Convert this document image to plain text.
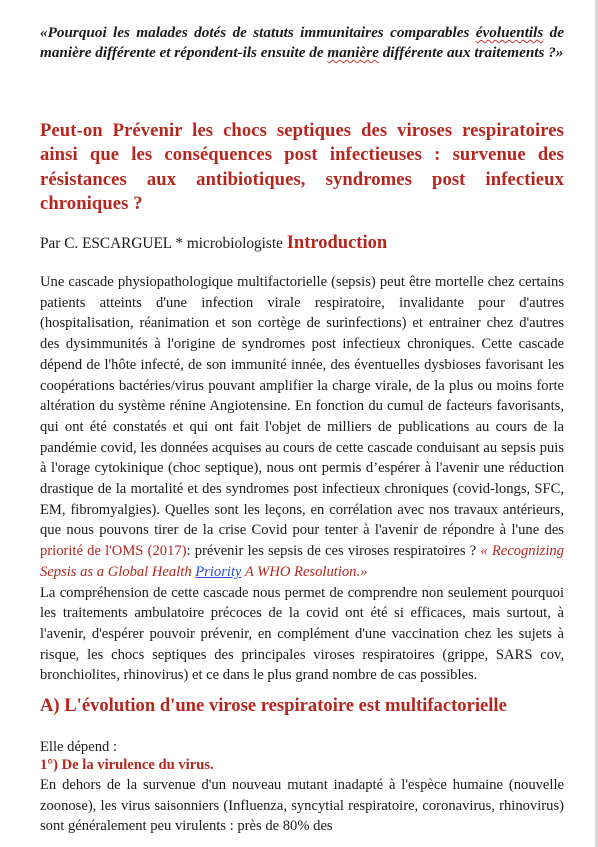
«Pourquoi les malades dotés de statuts immunitaires comparables évoluentils de manière différente et répondent-ils ensuite de manière différente aux traitements ?»
Peut-on Prévenir les chocs septiques des viroses respiratoires ainsi que les conséquences post infectieuses : survenue des résistances aux antibiotiques, syndromes post infectieux chroniques ?
Par C. ESCARGUEL * microbiologiste Introduction
Une cascade physiopathologique multifactorielle (sepsis) peut être mortelle chez certains patients atteints d'une infection virale respiratoire, invalidante pour d'autres (hospitalisation, réanimation et son cortège de surinfections) et entrainer chez d'autres des dysimmunités à l'origine de syndromes post infectieux chroniques. Cette cascade dépend de l'hôte infecté, de son immunité innée, des éventuelles dysbioses favorisant les coopérations bactéries/virus pouvant amplifier la charge virale, de la plus ou moins forte altération du système rénine Angiotensine. En fonction du cumul de facteurs favorisants, qui ont été constatés et qui ont fait l'objet de milliers de publications au cours de la pandémie covid, les données acquises au cours de cette cascade conduisant au sepsis puis à l'orage cytokinique (choc septique), nous ont permis d’espérer à l'avenir une réduction drastique de la mortalité et des syndromes post infectieux chroniques (covid-longs, SFC, EM, fibromyalgies). Quelles sont les leçons, en corrélation avec nos travaux antérieurs, que nous pouvons tirer de la crise Covid pour tenter à l'avenir de répondre à l'une des priorité de l'OMS (2017): prévenir les sepsis de ces viroses respiratoires ? « Recognizing Sepsis as a Global Health Priority A WHO Resolution.»
La compréhension de cette cascade nous permet de comprendre non seulement pourquoi les traitements ambulatoire précoces de la covid ont été si efficaces, mais surtout, à l'avenir, d'espérer pouvoir prévenir, en complément d'une vaccination chez les sujets à risque, les chocs septiques des principales viroses respiratoires (grippe, SARS cov, bronchiolites, rhinovirus) et ce dans le plus grand nombre de cas possibles.
A) L'évolution d'une virose respiratoire est multifactorielle
Elle dépend :
1°) De la virulence du virus.
En dehors de la survenue d'un nouveau mutant inadapté à l'espèce humaine (nouvelle zoonose), les virus saisonniers (Influenza, syncytial respiratoire, coronavirus, rhinovirus) sont généralement peu virulents : près de 80% des
